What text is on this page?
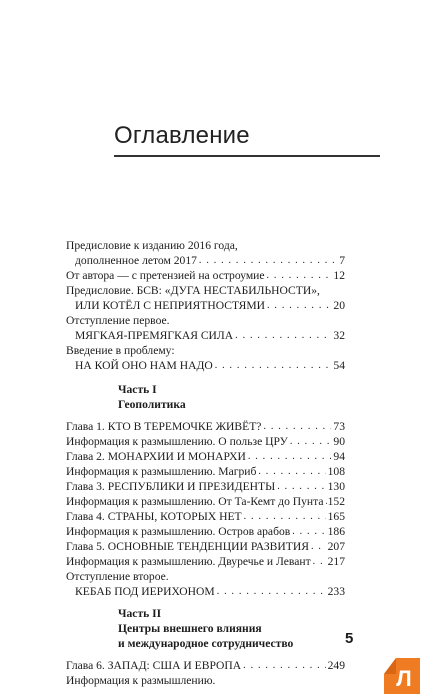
Оглавление
Предисловие к изданию 2016 года,
дополненное летом 2017 . . .	7
От автора — с претензией на остроумие . . .	12
Предисловие. БСВ: «ДУГА НЕСТАБИЛЬНОСТИ»,
ИЛИ КОТЁЛ С НЕПРИЯТНОСТЯМИ . . .	20
Отступление первое.
МЯГКАЯ-ПРЕМЯГКАЯ СИЛА . . .	32
Введение в проблему:
НА КОЙ ОНО НАМ НАДО . . .	54
Часть I
Геополитика
Глава 1. КТО В ТЕРЕМОЧКЕ ЖИВЁТ? . . .	73
Информация к размышлению. О пользе ЦРУ . . .	90
Глава 2. МОНАРХИИ И МОНАРХИ . . .	94
Информация к размышлению. Магриб . . .	108
Глава 3. РЕСПУБЛИКИ И ПРЕЗИДЕНТЫ . . .	130
Информация к размышлению. От Та-Кемт до Пунта . . . 152
Глава 4. СТРАНЫ, КОТОРЫХ НЕТ . . .	165
Информация к размышлению. Остров арабов . . .	186
Глава 5. ОСНОВНЫЕ ТЕНДЕНЦИИ РАЗВИТИЯ . . . 207
Информация к размышлению. Двуречье и Левант . . . 217
Отступление второе.
КЕБАБ ПОД ИЕРИХОНОМ . . .	233
Часть II
Центры внешнего влияния
и международное сотрудничество
Глава 6. ЗАПАД: США И ЕВРОПА . . .	249
Информация к размышлению.
5
Л
